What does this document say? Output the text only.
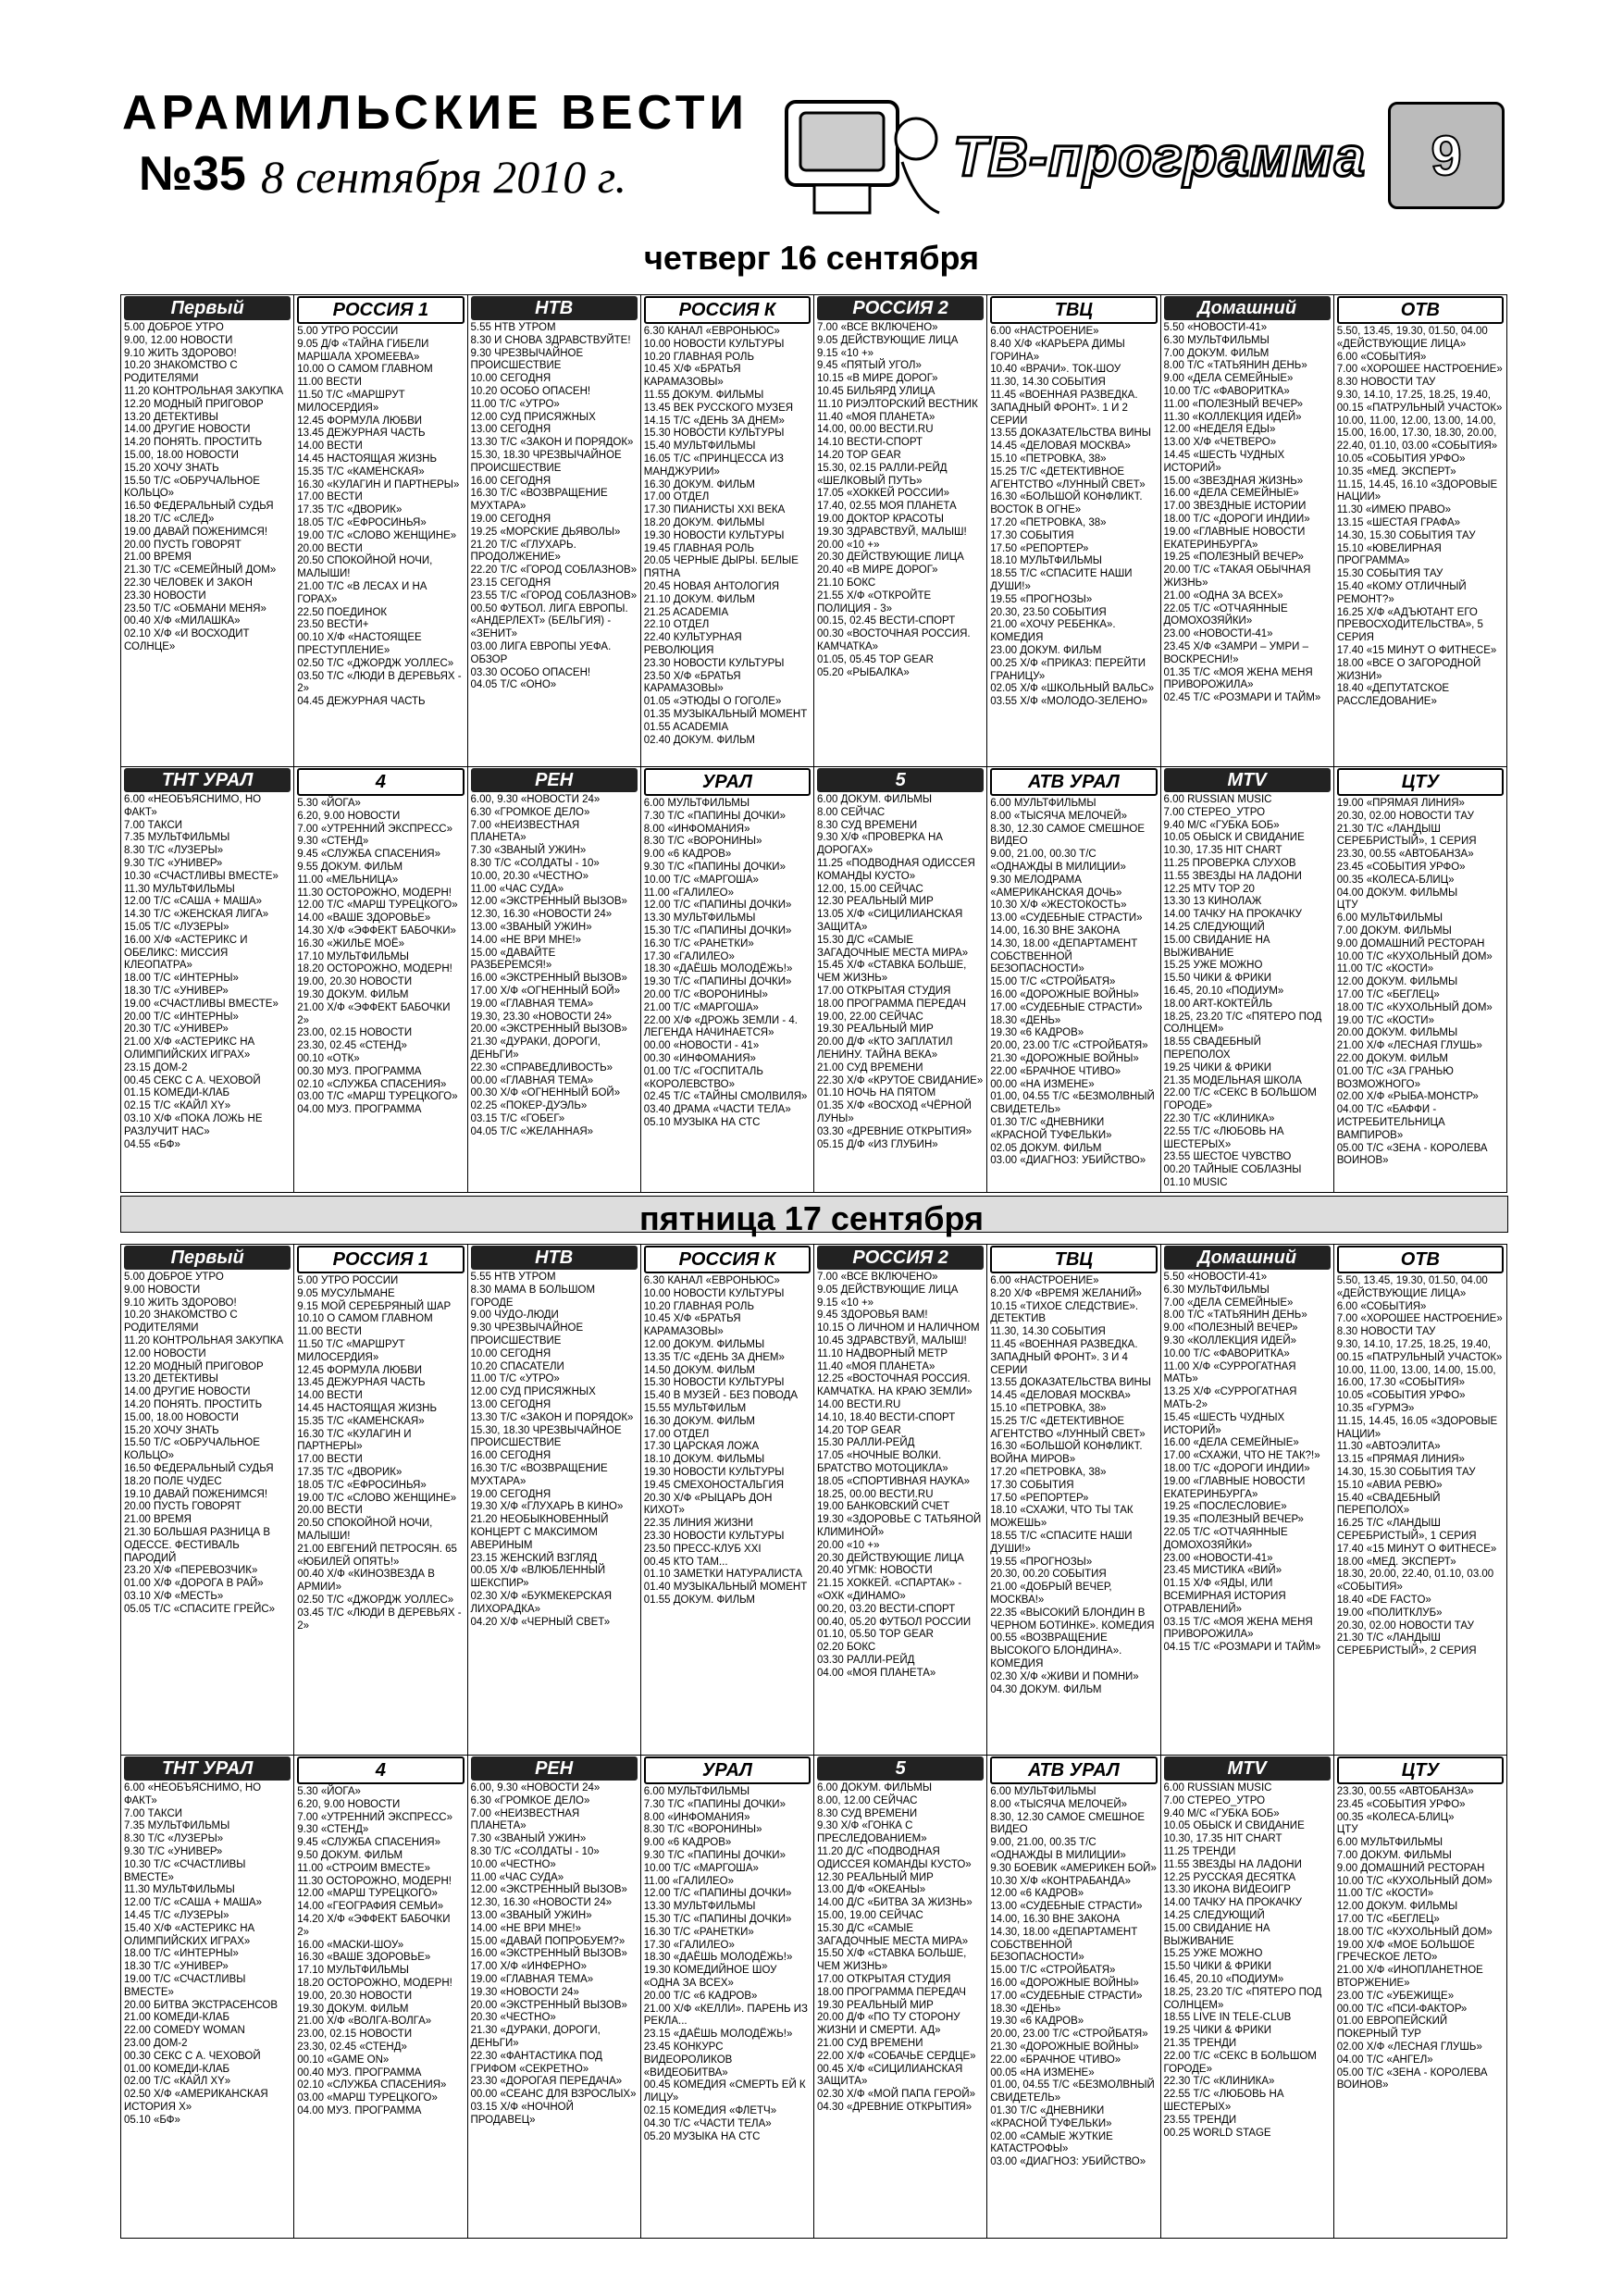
АРАМИЛЬСКИЕ ВЕСТИ
№35 8 сентября 2010 г.	ТВ-программа 9
четверг 16 сентября
Первый
5.00 ДОБРОЕ УТРО
9.00, 12.00 НОВОСТИ
9.10 ЖИТЬ ЗДОРОВО!
10.20 ЗНАКОМСТВО С РОДИТЕЛЯМИ
11.20 КОНТРОЛЬНАЯ ЗАКУПКА
12.20 МОДНЫЙ ПРИГОВОР
13.20 ДЕТЕКТИВЫ
14.00 ДРУГИЕ НОВОСТИ
14.20 ПОНЯТЬ. ПРОСТИТЬ
15.00, 18.00 НОВОСТИ
15.20 ХОЧУ ЗНАТЬ
15.50 Т/С «ОБРУЧАЛЬНОЕ КОЛЬЦО»
16.50 ФЕДЕРАЛЬНЫЙ СУДЬЯ
18.20 Т/С «СЛЕД»
19.00 ДАВАЙ ПОЖЕНИМСЯ!
20.00 ПУСТЬ ГОВОРЯТ
21.00 ВРЕМЯ
21.30 Т/С «СЕМЕЙНЫЙ ДОМ»
22.30 ЧЕЛОВЕК И ЗАКОН
23.30 НОВОСТИ
23.50 Т/С «ОБМАНИ МЕНЯ»
00.40 Х/Ф «МИЛАШКА»
02.10 Х/Ф «И ВОСХОДИТ СОЛНЦЕ»
РОССИЯ 1
5.00 УТРО РОССИИ
9.05 Д/Ф «ТАЙНА ГИБЕЛИ МАРШАЛА ХРОМЕЕВА»
10.00 О САМОМ ГЛАВНОМ
11.00 ВЕСТИ
11.50 Т/С «МАРШРУТ МИЛОСЕРДИЯ»
12.45 ФОРМУЛА ЛЮБВИ
13.45 ДЕЖУРНАЯ ЧАСТЬ
14.00 ВЕСТИ
14.45 НАСТОЯЩАЯ ЖИЗНЬ
15.35 Т/С «КАМЕНСКАЯ»
16.30 «КУЛАГИН И ПАРТНЕРЫ»
17.00 ВЕСТИ
17.35 Т/С «ДВОРИК»
18.05 Т/С «ЕФРОСИНЬЯ»
19.00 Т/С «СЛОВО ЖЕНЩИНЕ»
20.00 ВЕСТИ
20.50 СПОКОЙНОЙ НОЧИ, МАЛЫШИ!
21.00 Т/С «В ЛЕСАХ И НА ГОРАХ»
22.50 ПОЕДИНОК
23.50 ВЕСТИ+
00.10 Х/Ф «НАСТОЯЩЕЕ ПРЕСТУПЛЕНИЕ»
02.50 Т/С «ДЖОРДЖ УОЛЛЕС»
03.50 Т/С «ЛЮДИ В ДЕРЕВЬЯХ - 2»
04.45 ДЕЖУРНАЯ ЧАСТЬ
НТВ
5.55 НТВ УТРОМ
8.30 И СНОВА ЗДРАВСТВУЙТЕ!
9.30 ЧРЕЗВЫЧАЙНОЕ ПРОИСШЕСТВИЕ
10.00 СЕГОДНЯ
10.20 ОСОБО ОПАСЕН!
11.00 Т/С «УТРО»
12.00 СУД ПРИСЯЖНЫХ
13.00 СЕГОДНЯ
13.30 Т/С «ЗАКОН И ПОРЯДОК»
15.30, 18.30 ЧРЕЗВЫЧАЙНОЕ ПРОИСШЕСТВИЕ
16.00 СЕГОДНЯ
16.30 Т/С «ВОЗВРАЩЕНИЕ МУХТАРА»
19.00 СЕГОДНЯ
19.25 «МОРСКИЕ ДЬЯВОЛЫ»
21.20 Т/С «ГЛУХАРЬ. ПРОДОЛЖЕНИЕ»
22.20 Т/С «ГОРОД СОБЛАЗНОВ»
23.15 СЕГОДНЯ
23.55 Т/С «ГОРОД СОБЛАЗНОВ»
00.50 ФУТБОЛ. ЛИГА ЕВРОПЫ. «АНДЕРЛЕХТ» (БЕЛЬГИЯ) - «ЗЕНИТ»
03.00 ЛИГА ЕВРОПЫ УЕФА. ОБЗОР
03.30 ОСОБО ОПАСЕН!
04.05 Т/С «ОНО»
РОССИЯ К
6.30 КАНАЛ «ЕВРОНЬЮС»
10.00 НОВОСТИ КУЛЬТУРЫ
10.20 ГЛАВНАЯ РОЛЬ
10.45 Х/Ф «БРАТЬЯ КАРАМАЗОВЫ»
11.55 ДОКУМ. ФИЛЬМЫ
13.45 ВЕК РУССКОГО МУЗЕЯ
14.15 Т/С «ДЕНЬ ЗА ДНЕМ»
15.30 НОВОСТИ КУЛЬТУРЫ
15.40 МУЛЬТФИЛЬМЫ
16.05 Т/С «ПРИНЦЕССА ИЗ МАНДЖУРИИ»
16.30 ДОКУМ. ФИЛЬМ
17.00 ОТДЕЛ
17.30 ПИАНИСТЫ XXI ВЕКА
18.20 ДОКУМ. ФИЛЬМЫ
19.30 НОВОСТИ КУЛЬТУРЫ
19.45 ГЛАВНАЯ РОЛЬ
20.05 ЧЕРНЫЕ ДЫРЫ. БЕЛЫЕ ПЯТНА
20.45 НОВАЯ АНТОЛОГИЯ
21.10 ДОКУМ. ФИЛЬМ
21.25 ACADEMIA
22.10 ОТДЕЛ
22.40 КУЛЬТУРНАЯ РЕВОЛЮЦИЯ
23.30 НОВОСТИ КУЛЬТУРЫ
23.50 Х/Ф «БРАТЬЯ КАРАМАЗОВЫ»
01.05 «ЭТЮДЫ О ГОГОЛЕ»
01.35 МУЗЫКАЛЬНЫЙ МОМЕНТ
01.55 ACADEMIA
02.40 ДОКУМ. ФИЛЬМ
РОССИЯ 2
7.00 «ВСЕ ВКЛЮЧЕНО»
9.05 ДЕЙСТВУЮЩИЕ ЛИЦА
9.15 «10 +»
9.45 «ПЯТЫЙ УГОЛ»
10.15 «В МИРЕ ДОРОГ»
10.45 БИЛЬЯРД УЛИЦА
11.10 РИЭЛТОРСКИЙ ВЕСТНИК
11.40 «МОЯ ПЛАНЕТА»
14.00, 00.00 ВЕСТИ.RU
14.10 ВЕСТИ-СПОРТ
14.20 TOP GEAR
15.30, 02.15 РАЛЛИ-РЕЙД «ШЕЛКОВЫЙ ПУТЬ»
17.05 «ХОККЕЙ РОССИИ»
17.40, 02.55 МОЯ ПЛАНЕТА
19.00 ДОКТОР КРАСОТЫ
19.30 ЗДРАВСТВУЙ, МАЛЫШ!
20.00 «10 +»
20.30 ДЕЙСТВУЮЩИЕ ЛИЦА
20.40 «В МИРЕ ДОРОГ»
21.10 БОКС
21.55 Х/Ф «ОТКРОЙТЕ ПОЛИЦИЯ - 3»
00.15, 02.45 ВЕСТИ-СПОРТ
00.30 «ВОСТОЧНАЯ РОССИЯ. КАМЧАТКА»
01.05, 05.45 TOP GEAR
05.20 «РЫБАЛКА»
ТВЦ
6.00 «НАСТРОЕНИЕ»
8.40 Х/Ф «КАРЬЕРА ДИМЫ ГОРИНА»
10.40 «ВРАЧИ». ТОК-ШОУ
11.30, 14.30 СОБЫТИЯ
11.45 «ВОЕННАЯ РАЗВЕДКА. ЗАПАДНЫЙ ФРОНТ». 1 И 2 СЕРИИ
13.55 ДОКАЗАТЕЛЬСТВА ВИНЫ
14.45 «ДЕЛОВАЯ МОСКВА»
15.10 «ПЕТРОВКА, 38»
15.25 Т/С «ДЕТЕКТИВНОЕ АГЕНТСТВО «ЛУННЫЙ СВЕТ»
16.30 «БОЛЬШОЙ КОНФЛИКТ. ВОСТОК В ОГНЕ»
17.20 «ПЕТРОВКА, 38»
17.30 СОБЫТИЯ
17.50 «РЕПОРТЕР»
18.10 МУЛЬТФИЛЬМЫ
18.55 Т/С «СПАСИТЕ НАШИ ДУШИ!»
19.55 «ПРОГНОЗЫ»
20.30, 23.50 СОБЫТИЯ
21.00 «ХОЧУ РЕБЕНКА». КОМЕДИЯ
23.00 ДОКУМ. ФИЛЬМ
00.25 Х/Ф «ПРИКАЗ: ПЕРЕЙТИ ГРАНИЦУ»
02.05 Х/Ф «ШКОЛЬНЫЙ ВАЛЬС»
03.55 Х/Ф «МОЛОДО-ЗЕЛЕНО»
Домашний
5.50 «НОВОСТИ-41»
6.30 МУЛЬТФИЛЬМЫ
7.00 ДОКУМ. ФИЛЬМ
8.00 Т/С «ТАТЬЯНИН ДЕНЬ»
9.00 «ДЕЛА СЕМЕЙНЫЕ»
10.00 Т/С «ФАВОРИТКА»
11.00 «ПОЛЕЗНЫЙ ВЕЧЕР»
11.30 «КОЛЛЕКЦИЯ ИДЕЙ»
12.00 «НЕДЕЛЯ ЕДЫ»
13.00 Х/Ф «ЧЕТВЕРО»
14.45 «ШЕСТЬ ЧУДНЫХ ИСТОРИЙ»
15.00 «ЗВЕЗДНАЯ ЖИЗНЬ»
16.00 «ДЕЛА СЕМЕЙНЫЕ»
17.00 ЗВЕЗДНЫЕ ИСТОРИИ
18.00 Т/С «ДОРОГИ ИНДИИ»
19.00 «ГЛАВНЫЕ НОВОСТИ ЕКАТЕРИНБУРГА»
19.25 «ПОЛЕЗНЫЙ ВЕЧЕР»
20.00 Т/С «ТАКАЯ ОБЫЧНАЯ ЖИЗНЬ»
21.00 «ОДНА ЗА ВСЕХ»
22.05 Т/С «ОТЧАЯННЫЕ ДОМОХОЗЯЙКИ»
23.00 «НОВОСТИ-41»
23.45 Х/Ф «ЗАМРИ – УМРИ – ВОСКРЕСНИ!»
01.35 Т/С «МОЯ ЖЕНА МЕНЯ ПРИВОРОЖИЛА»
02.45 Т/С «РОЗМАРИ И ТАЙМ»
ОТВ
5.50, 13.45, 19.30, 01.50, 04.00 «ДЕЙСТВУЮЩИЕ ЛИЦА»
6.00 «СОБЫТИЯ»
7.00 «ХОРОШЕЕ НАСТРОЕНИЕ»
8.30 НОВОСТИ ТАУ
9.30, 14.10, 17.25, 18.25, 19.40, 00.15 «ПАТРУЛЬНЫЙ УЧАСТОК»
10.00, 11.00, 12.00, 13.00, 14.00, 15.00, 16.00, 17.30, 18.30, 20.00, 22.40, 01.10, 03.00 «СОБЫТИЯ»
10.05 «СОБЫТИЯ УРФО»
10.35 «МЕД. ЭКСПЕРТ»
11.15, 14.45, 16.10 «ЗДОРОВЫЕ НАЦИИ»
11.30 «ИМЕЮ ПРАВО»
13.15 «ШЕСТАЯ ГРАФА»
14.30, 15.30 СОБЫТИЯ ТАУ
15.10 «ЮВЕЛИРНАЯ ПРОГРАММА»
15.30 СОБЫТИЯ ТАУ
15.40 «КОМУ ОТЛИЧНЫЙ РЕМОНТ?»
16.25 Х/Ф «АДЪЮТАНТ ЕГО ПРЕВОСХОДИТЕЛЬСТВА», 5 СЕРИЯ
17.40 «15 МИНУТ О ФИТНЕСЕ»
18.00 «ВСЕ О ЗАГОРОДНОЙ ЖИЗНИ»
18.40 «ДЕПУТАТСКОЕ РАССЛЕДОВАНИЕ»
ТНТ УРАЛ
6.00 «НЕОБЪЯСНИМО, НО ФАКТ»
7.00 ТАКСИ
7.35 МУЛЬТФИЛЬМЫ
8.30 Т/С «ЛУЗЕРЫ»
9.30 Т/С «УНИВЕР»
10.30 «СЧАСТЛИВЫ ВМЕСТЕ»
11.30 МУЛЬТФИЛЬМЫ
12.00 Т/С «САША + МАША»
14.30 Т/С «ЖЕНСКАЯ ЛИГА»
15.05 Т/С «ЛУЗЕРЫ»
16.00 Х/Ф «АСТЕРИКС И ОБЕЛИКС: МИССИЯ КЛЕОПАТРА»
18.00 Т/С «ИНТЕРНЫ»
18.30 Т/С «УНИВЕР»
19.00 «СЧАСТЛИВЫ ВМЕСТЕ»
20.00 Т/С «ИНТЕРНЫ»
20.30 Т/С «УНИВЕР»
21.00 Х/Ф «АСТЕРИКС НА ОЛИМПИЙСКИХ ИГРАХ»
23.15 ДОМ-2
00.45 СЕКС С А. ЧЕХОВОЙ
01.15 КОМЕДИ-КЛАБ
02.15 Т/С «КАЙЛ XY»
03.10 Х/Ф «ПОКА ЛОЖЬ НЕ РАЗЛУЧИТ НАС»
04.55 «БФ»
4
5.30 «ЙОГА»
6.20, 9.00 НОВОСТИ
7.00 «УТРЕННИЙ ЭКСПРЕСС»
9.30 «СТЕНД»
9.45 «СЛУЖБА СПАСЕНИЯ»
9.55 ДОКУМ. ФИЛЬМ
11.00 «МЕЛЬНИЦА»
11.30 ОСТОРОЖНО, МОДЕРН!
12.00 Т/С «МАРШ ТУРЕЦКОГО»
14.00 «ВАШЕ ЗДОРОВЬЕ»
14.30 Х/Ф «ЭФФЕКТ БАБОЧКИ»
16.30 «ЖИЛЬЕ МОЁ»
17.10 МУЛЬТФИЛЬМЫ
18.20 ОСТОРОЖНО, МОДЕРН!
19.00, 20.30 НОВОСТИ
19.30 ДОКУМ. ФИЛЬМ
21.00 Х/Ф «ЭФФЕКТ БАБОЧКИ 2»
23.00, 02.15 НОВОСТИ
23.30, 02.45 «СТЕНД»
00.10 «ОТК»
00.30 МУЗ. ПРОГРАММА
02.10 «СЛУЖБА СПАСЕНИЯ»
03.00 Т/С «МАРШ ТУРЕЦКОГО»
04.00 МУЗ. ПРОГРАММА
РЕН
6.00, 9.30 «НОВОСТИ 24»
6.30 «ГРОМКОЕ ДЕЛО»
7.00 «НЕИЗВЕСТНАЯ ПЛАНЕТА»
7.30 «ЗВАНЫЙ УЖИН»
8.30 Т/С «СОЛДАТЫ - 10»
10.00, 20.30 «ЧЕСТНО»
11.00 «ЧАС СУДА»
12.00 «ЭКСТРЕННЫЙ ВЫЗОВ»
12.30, 16.30 «НОВОСТИ 24»
13.00 «ЗВАНЫЙ УЖИН»
14.00 «НЕ ВРИ МНЕ!»
15.00 «ДАВАЙТЕ РАЗБЕРЕМСЯ!»
16.00 «ЭКСТРЕННЫЙ ВЫЗОВ»
17.00 Х/Ф «ОГНЕННЫЙ БОЙ»
19.00 «ГЛАВНАЯ ТЕМА»
19.30, 23.30 «НОВОСТИ 24»
20.00 «ЭКСТРЕННЫЙ ВЫЗОВ»
21.30 «ДУРАКИ, ДОРОГИ, ДЕНЬГИ»
22.30 «СПРАВЕДЛИВОСТЬ»
00.00 «ГЛАВНАЯ ТЕМА»
00.30 Х/Ф «ОГНЕННЫЙ БОЙ»
02.25 «ПОКЕР-ДУЭЛЬ»
03.15 Т/С «ГОБЕГ»
04.05 Т/С «ЖЕЛАННАЯ»
УРАЛ
6.00 МУЛЬТФИЛЬМЫ
7.30 Т/С «ПАПИНЫ ДОЧКИ»
8.00 «ИНФОМАНИЯ»
8.30 Т/С «ВОРОНИНЫ»
9.00 «6 КАДРОВ»
9.30 Т/С «ПАПИНЫ ДОЧКИ»
10.00 Т/С «МАРГОША»
11.00 «ГАЛИЛЕО»
12.00 Т/С «ПАПИНЫ ДОЧКИ»
13.30 МУЛЬТФИЛЬМЫ
15.30 Т/С «ПАПИНЫ ДОЧКИ»
16.30 Т/С «РАНЕТКИ»
17.30 «ГАЛИЛЕО»
18.30 «ДАЁШЬ МОЛОДЁЖЬ!»
19.30 Т/С «ПАПИНЫ ДОЧКИ»
20.00 Т/С «ВОРОНИНЫ»
21.00 Т/С «МАРГОША»
22.00 Х/Ф «ДРОЖЬ ЗЕМЛИ - 4. ЛЕГЕНДА НАЧИНАЕТСЯ»
00.00 «НОВОСТИ - 41»
00.30 «ИНФОМАНИЯ»
01.00 Т/С «ГОСПИТАЛЬ «КОРОЛЕВСТВО»
02.45 Т/С «ТАЙНЫ СМОЛВИЛЯ»
03.40 ДРАМА «ЧАСТИ ТЕЛА»
05.10 МУЗЫКА НА СТС
5
6.00 ДОКУМ. ФИЛЬМЫ
8.00 СЕЙЧАС
8.30 СУД ВРЕМЕНИ
9.30 Х/Ф «ПРОВЕРКА НА ДОРОГАХ»
11.25 «ПОДВОДНАЯ ОДИССЕЯ КОМАНДЫ КУСТО»
12.00, 15.00 СЕЙЧАС
12.30 РЕАЛЬНЫЙ МИР
13.05 Х/Ф «СИЦИЛИАНСКАЯ ЗАЩИТА»
15.30 Д/С «САМЫЕ ЗАГАДОЧНЫЕ МЕСТА МИРА»
15.45 Х/Ф «СТАВКА БОЛЬШЕ, ЧЕМ ЖИЗНЬ»
17.00 ОТКРЫТАЯ СТУДИЯ
18.00 ПРОГРАММА ПЕРЕДАЧ
19.00, 22.00 СЕЙЧАС
19.30 РЕАЛЬНЫЙ МИР
20.00 Д/Ф «КТО ЗАПЛАТИЛ ЛЕНИНУ. ТАЙНА ВЕКА»
21.00 СУД ВРЕМЕНИ
22.30 Х/Ф «КРУТОЕ СВИДАНИЕ»
01.10 НОЧЬ НА ПЯТОМ
01.35 Х/Ф «ВОСХОД «ЧЁРНОЙ ЛУНЫ»
03.30 «ДРЕВНИЕ ОТКРЫТИЯ»
05.15 Д/Ф «ИЗ ГЛУБИН»
АТВ УРАЛ
6.00 МУЛЬТФИЛЬМЫ
8.00 «ТЫСЯЧА МЕЛОЧЕЙ»
8.30, 12.30 САМОЕ СМЕШНОЕ ВИДЕО
9.00, 21.00, 00.30 Т/С «ОДНАЖДЫ В МИЛИЦИИ»
9.30 МЕЛОДРАМА «АМЕРИКАНСКАЯ ДОЧЬ»
10.30 Х/Ф «ЖЕСТОКОСТЬ»
13.00 «СУДЕБНЫЕ СТРАСТИ»
14.00, 16.30 ВНЕ ЗАКОНА
14.30, 18.00 «ДЕПАРТАМЕНТ СОБСТВЕННОЙ БЕЗОПАСНОСТИ»
15.00 Т/С «СТРОЙБАТЯ»
16.00 «ДОРОЖНЫЕ ВОЙНЫ»
17.00 «СУДЕБНЫЕ СТРАСТИ»
18.30 «ДЕНЬ»
19.30 «6 КАДРОВ»
20.00, 23.00 Т/С «СТРОЙБАТЯ»
21.30 «ДОРОЖНЫЕ ВОЙНЫ»
22.00 «БРАЧНОЕ ЧТИВО»
00.00 «НА ИЗМЕНЕ»
01.00, 04.55 Т/С «БЕЗМОЛВНЫЙ СВИДЕТЕЛЬ»
01.30 Т/С «ДНЕВНИКИ «КРАСНОЙ ТУФЕЛЬКИ»
02.05 ДОКУМ. ФИЛЬМ
03.00 «ДИАГНОЗ: УБИЙСТВО»
MTV
6.00 RUSSIAN MUSIC
7.00 СТЕРЕО_УТРО
9.40 М/С «ГУБКА БОБ»
10.05 ОБЫСК И СВИДАНИЕ
10.30, 17.35 HIT CHART
11.25 ПРОВЕРКА СЛУХОВ
11.55 ЗВЕЗДЫ НА ЛАДОНИ
12.25 MTV TOP 20
13.30 13 КИНОЛАЖ
14.00 ТАЧКУ НА ПРОКАЧКУ
14.25 СЛЕДУЮЩИЙ
15.00 СВИДАНИЕ НА ВЫЖИВАНИЕ
15.25 УЖЕ МОЖНО
15.50 ЧИКИ & ФРИКИ
16.45, 20.10 «ПОДИУМ»
18.00 ART-КОКТЕЙЛЬ
18.25, 23.20 Т/С «ПЯТЕРО ПОД СОЛНЦЕМ»
18.55 СВАДЕБНЫЙ ПЕРЕПОЛОХ
19.25 ЧИКИ & ФРИКИ
21.35 МОДЕЛЬНАЯ ШКОЛА
22.00 Т/С «СЕКС В БОЛЬШОМ ГОРОДЕ»
22.30 Т/С «КЛИНИКА»
22.55 Т/С «ЛЮБОВЬ НА ШЕСТЕРЫХ»
23.55 ШЕСТОЕ ЧУВСТВО
00.20 ТАЙНЫЕ СОБЛАЗНЫ
01.10 MUSIC
ЦТУ
19.00 «ПРЯМАЯ ЛИНИЯ»
20.30, 02.00 НОВОСТИ ТАУ
21.30 Т/С «ЛАНДЫШ СЕРЕБРИСТЫЙ», 1 СЕРИЯ
23.30, 00.55 «АВТОБАНЗА»
23.45 «СОБЫТИЯ УРФО»
00.35 «КОЛЕСА-БЛИЦ»
04.00 ДОКУМ. ФИЛЬМЫ
ЦТУ
6.00 МУЛЬТФИЛЬМЫ
7.00 ДОКУМ. ФИЛЬМЫ
9.00 ДОМАШНИЙ РЕСТОРАН
10.00 Т/С «КУХОЛЬНЫЙ ДОМ»
11.00 Т/С «КОСТИ»
12.00 ДОКУМ. ФИЛЬМЫ
17.00 Т/С «БЕГЛЕЦ»
18.00 Т/С «КУХОЛЬНЫЙ ДОМ»
19.00 Т/С «КОСТИ»
20.00 ДОКУМ. ФИЛЬМЫ
21.00 Х/Ф «ЛЕСНАЯ ГЛУШЬ»
22.00 ДОКУМ. ФИЛЬМ
01.00 Т/С «ЗА ГРАНЬЮ ВОЗМОЖНОГО»
02.00 Х/Ф «РЫБА-МОНСТР»
04.00 Т/С «БАФФИ - ИСТРЕБИТЕЛЬНИЦА ВАМПИРОВ»
05.00 Т/С «ЗЕНА - КОРОЛЕВА ВОИНОВ»
пятница 17 сентября
Первый
5.00 ДОБРОЕ УТРО
9.00 НОВОСТИ
9.10 ЖИТЬ ЗДОРОВО!
10.20 ЗНАКОМСТВО С РОДИТЕЛЯМИ
11.20 КОНТРОЛЬНАЯ ЗАКУПКА
12.00 НОВОСТИ
12.20 МОДНЫЙ ПРИГОВОР
13.20 ДЕТЕКТИВЫ
14.00 ДРУГИЕ НОВОСТИ
14.20 ПОНЯТЬ. ПРОСТИТЬ
15.00, 18.00 НОВОСТИ
15.20 ХОЧУ ЗНАТЬ
15.50 Т/С «ОБРУЧАЛЬНОЕ КОЛЬЦО»
16.50 ФЕДЕРАЛЬНЫЙ СУДЬЯ
18.20 ПОЛЕ ЧУДЕС
19.10 ДАВАЙ ПОЖЕНИМСЯ!
20.00 ПУСТЬ ГОВОРЯТ
21.00 ВРЕМЯ
21.30 БОЛЬШАЯ РАЗНИЦА В ОДЕССЕ. ФЕСТИВАЛЬ ПАРОДИЙ
23.20 Х/Ф «ПЕРЕВОЗЧИК»
01.00 Х/Ф «ДОРОГА В РАЙ»
03.10 Х/Ф «МЕСТЬ»
05.05 Т/С «СПАСИТЕ ГРЕЙС»
РОССИЯ 1
5.00 УТРО РОССИИ
9.05 МУСУЛЬМАНЕ
9.15 МОЙ СЕРЕБРЯНЫЙ ШАР
10.10 О САМОМ ГЛАВНОМ
11.00 ВЕСТИ
11.50 Т/С «МАРШРУТ МИЛОСЕРДИЯ»
12.45 ФОРМУЛА ЛЮБВИ
13.45 ДЕЖУРНАЯ ЧАСТЬ
14.00 ВЕСТИ
14.45 НАСТОЯЩАЯ ЖИЗНЬ
15.35 Т/С «КАМЕНСКАЯ»
16.30 Т/С «КУЛАГИН И ПАРТНЕРЫ»
17.00 ВЕСТИ
17.35 Т/С «ДВОРИК»
18.05 Т/С «ЕФРОСИНЬЯ»
19.00 Т/С «СЛОВО ЖЕНЩИНЕ»
20.00 ВЕСТИ
20.50 СПОКОЙНОЙ НОЧИ, МАЛЫШИ!
21.00 ЕВГЕНИЙ ПЕТРОСЯН. 65 «ЮБИЛЕЙ ОПЯТЬ!»
00.40 Х/Ф «КИНОЗВЕЗДА В АРМИИ»
02.50 Т/С «ДЖОРДЖ УОЛЛЕС»
03.45 Т/С «ЛЮДИ В ДЕРЕВЬЯХ - 2»
НТВ
5.55 НТВ УТРОМ
8.30 МАМА В БОЛЬШОМ ГОРОДЕ
9.00 ЧУДО-ЛЮДИ
9.30 ЧРЕЗВЫЧАЙНОЕ ПРОИСШЕСТВИЕ
10.00 СЕГОДНЯ
10.20 СПАСАТЕЛИ
11.00 Т/С «УТРО»
12.00 СУД ПРИСЯЖНЫХ
13.00 СЕГОДНЯ
13.30 Т/С «ЗАКОН И ПОРЯДОК»
15.30, 18.30 ЧРЕЗВЫЧАЙНОЕ ПРОИСШЕСТВИЕ
16.00 СЕГОДНЯ
16.30 Т/С «ВОЗВРАЩЕНИЕ МУХТАРА»
19.00 СЕГОДНЯ
19.30 Х/Ф «ГЛУХАРЬ В КИНО»
21.20 НЕОБЫКНОВЕННЫЙ КОНЦЕРТ С МАКСИМОМ АВЕРИНЫМ
23.15 ЖЕНСКИЙ ВЗГЛЯД
00.05 Х/Ф «ВЛЮБЛЕННЫЙ ШЕКСПИР»
02.30 Х/Ф «БУКМЕКЕРСКАЯ ЛИХОРАДКА»
04.20 Х/Ф «ЧЕРНЫЙ СВЕТ»
РОССИЯ К
6.30 КАНАЛ «ЕВРОНЬЮС»
10.00 НОВОСТИ КУЛЬТУРЫ
10.20 ГЛАВНАЯ РОЛЬ
10.45 Х/Ф «БРАТЬЯ КАРАМАЗОВЫ»
12.00 ДОКУМ. ФИЛЬМЫ
13.35 Т/С «ДЕНЬ ЗА ДНЕМ»
14.50 ДОКУМ. ФИЛЬМ
15.30 НОВОСТИ КУЛЬТУРЫ
15.40 В МУЗЕЙ - БЕЗ ПОВОДА
15.55 МУЛЬТФИЛЬМ
16.30 ДОКУМ. ФИЛЬМ
17.00 ОТДЕЛ
17.30 ЦАРСКАЯ ЛОЖА
18.10 ДОКУМ. ФИЛЬМЫ
19.30 НОВОСТИ КУЛЬТУРЫ
19.45 СМЕХОНОСТАЛЬГИЯ
20.30 Х/Ф «РЫЦАРЬ ДОН КИХОТ»
22.35 ЛИНИЯ ЖИЗНИ
23.30 НОВОСТИ КУЛЬТУРЫ
23.50 ПРЕСС-КЛУБ XXI
00.45 КТО ТАМ...
01.10 ЗАМЕТКИ НАТУРАЛИСТА
01.40 МУЗЫКАЛЬНЫЙ МОМЕНТ
01.55 ДОКУМ. ФИЛЬМ
РОССИЯ 2
7.00 «ВСЕ ВКЛЮЧЕНО»
9.05 ДЕЙСТВУЮЩИЕ ЛИЦА
9.15 «10 +»
9.45 ЗДОРОВЬЯ ВАМ!
10.15 О ЛИЧНОМ И НАЛИЧНОМ
10.45 ЗДРАВСТВУЙ, МАЛЫШ!
11.10 НАДВОРНЫЙ МЕТР
11.40 «МОЯ ПЛАНЕТА»
12.25 «ВОСТОЧНАЯ РОССИЯ. КАМЧАТКА. НА КРАЮ ЗЕМЛИ»
14.00 ВЕСТИ.RU
14.10, 18.40 ВЕСТИ-СПОРТ
14.20 TOP GEAR
15.30 РАЛЛИ-РЕЙД
17.05 «НОЧНЫЕ ВОЛКИ. БРАТСТВО МОТОЦИКЛА»
18.05 «СПОРТИВНАЯ НАУКА»
18.25, 00.00 ВЕСТИ.RU
19.00 БАНКОВСКИЙ СЧЕТ
19.30 «ЗДОРОВЬЕ С ТАТЬЯНОЙ КЛИМИНОЙ»
20.00 «10 +»
20.30 ДЕЙСТВУЮЩИЕ ЛИЦА
20.40 УГМК: НОВОСТИ
21.15 ХОККЕЙ. «СПАРТАК» - «ОХК «ДИНАМО»
00.20, 03.20 ВЕСТИ-СПОРТ
00.40, 05.20 ФУТБОЛ РОССИИ
01.10, 05.50 TOP GEAR
02.20 БОКС
03.30 РАЛЛИ-РЕЙД
04.00 «МОЯ ПЛАНЕТА»
ТВЦ
6.00 «НАСТРОЕНИЕ»
8.20 Х/Ф «ВРЕМЯ ЖЕЛАНИЙ»
10.15 «ТИХОЕ СЛЕДСТВИЕ». ДЕТЕКТИВ
11.30, 14.30 СОБЫТИЯ
11.45 «ВОЕННАЯ РАЗВЕДКА. ЗАПАДНЫЙ ФРОНТ». 3 И 4 СЕРИИ
13.55 ДОКАЗАТЕЛЬСТВА ВИНЫ
14.45 «ДЕЛОВАЯ МОСКВА»
15.10 «ПЕТРОВКА, 38»
15.25 Т/С «ДЕТЕКТИВНОЕ АГЕНТСТВО «ЛУННЫЙ СВЕТ»
16.30 «БОЛЬШОЙ КОНФЛИКТ. ВОЙНА МИРОВ»
17.20 «ПЕТРОВКА, 38»
17.30 СОБЫТИЯ
17.50 «РЕПОРТЕР»
18.10 «СХАЖИ, ЧТО ТЫ ТАК МОЖЕШЬ»
18.55 Т/С «СПАСИТЕ НАШИ ДУШИ!»
19.55 «ПРОГНОЗЫ»
20.30, 00.20 СОБЫТИЯ
21.00 «ДОБРЫЙ ВЕЧЕР, МОСКВА!»
22.35 «ВЫСОКИЙ БЛОНДИН В ЧЕРНОМ БОТИНКЕ». КОМЕДИЯ
00.55 «ВОЗВРАЩЕНИЕ ВЫСОКОГО БЛОНДИНА». КОМЕДИЯ
02.30 Х/Ф «ЖИВИ И ПОМНИ»
04.30 ДОКУМ. ФИЛЬМ
Домашний
5.50 «НОВОСТИ-41»
6.30 МУЛЬТФИЛЬМЫ
7.00 «ДЕЛА СЕМЕЙНЫЕ»
8.00 Т/С «ТАТЬЯНИН ДЕНЬ»
9.00 «ПОЛЕЗНЫЙ ВЕЧЕР»
9.30 «КОЛЛЕКЦИЯ ИДЕЙ»
10.00 Т/С «ФАВОРИТКА»
11.00 Х/Ф «СУРРОГАТНАЯ МАТЬ»
13.25 Х/Ф «СУРРОГАТНАЯ МАТЬ-2»
15.45 «ШЕСТЬ ЧУДНЫХ ИСТОРИЙ»
16.00 «ДЕЛА СЕМЕЙНЫЕ»
17.00 «СХАЖИ, ЧТО НЕ ТАК?!»
18.00 Т/С «ДОРОГИ ИНДИИ»
19.00 «ГЛАВНЫЕ НОВОСТИ ЕКАТЕРИНБУРГА»
19.25 «ПОСЛЕСЛОВИЕ»
19.35 «ПОЛЕЗНЫЙ ВЕЧЕР»
22.05 Т/С «ОТЧАЯННЫЕ ДОМОХОЗЯЙКИ»
23.00 «НОВОСТИ-41»
23.45 МИСТИКА «ВИЙ»
01.15 Х/Ф «ЯДЫ, ИЛИ ВСЕМИРНАЯ ИСТОРИЯ ОТРАВЛЕНИЙ»
03.15 Т/С «МОЯ ЖЕНА МЕНЯ ПРИВОРОЖИЛА»
04.15 Т/С «РОЗМАРИ И ТАЙМ»
ОТВ
5.50, 13.45, 19.30, 01.50, 04.00 «ДЕЙСТВУЮЩИЕ ЛИЦА»
6.00 «СОБЫТИЯ»
7.00 «ХОРОШЕЕ НАСТРОЕНИЕ»
8.30 НОВОСТИ ТАУ
9.30, 14.10, 17.25, 18.25, 19.40, 00.15 «ПАТРУЛЬНЫЙ УЧАСТОК»
10.00, 11.00, 13.00, 14.00, 15.00, 16.00, 17.30 «СОБЫТИЯ»
10.05 «СОБЫТИЯ УРФО»
10.35 «ГУРМЭ»
11.15, 14.45, 16.05 «ЗДОРОВЫЕ НАЦИИ»
11.30 «АВТОЭЛИТА»
13.15 «ПРЯМАЯ ЛИНИЯ»
14.30, 15.30 СОБЫТИЯ ТАУ
15.10 «АВИА РЕВЮ»
15.40 «СВАДЕБНЫЙ ПЕРЕПОЛОХ»
16.25 Т/С «ЛАНДЫШ СЕРЕБРИСТЫЙ», 1 СЕРИЯ
17.40 «15 МИНУТ О ФИТНЕСЕ»
18.00 «МЕД. ЭКСПЕРТ»
18.30, 20.00, 22.40, 01.10, 03.00 «СОБЫТИЯ»
18.40 «DE FACTO»
19.00 «ПОЛИТКЛУБ»
20.30, 02.00 НОВОСТИ ТАУ
21.30 Т/С «ЛАНДЫШ СЕРЕБРИСТЫЙ», 2 СЕРИЯ
ТНТ УРАЛ
6.00 «НЕОБЪЯСНИМО, НО ФАКТ»
7.00 ТАКСИ
7.35 МУЛЬТФИЛЬМЫ
8.30 Т/С «ЛУЗЕРЫ»
9.30 Т/С «УНИВЕР»
10.30 Т/С «СЧАСТЛИВЫ ВМЕСТЕ»
11.30 МУЛЬТФИЛЬМЫ
12.00 Т/С «САША + МАША»
14.45 Т/С «ЛУЗЕРЫ»
15.40 Х/Ф «АСТЕРИКС НА ОЛИМПИЙСКИХ ИГРАХ»
18.00 Т/С «ИНТЕРНЫ»
18.30 Т/С «УНИВЕР»
19.00 Т/С «СЧАСТЛИВЫ ВМЕСТЕ»
20.00 БИТВА ЭКСТРАСЕНСОВ
21.00 КОМЕДИ-КЛАБ
22.00 COMEDY WOMAN
23.00 ДОМ-2
00.30 СЕКС С А. ЧЕХОВОЙ
01.00 КОМЕДИ-КЛАБ
02.00 Т/С «КАЙЛ XY»
02.50 Х/Ф «АМЕРИКАНСКАЯ ИСТОРИЯ X»
05.10 «БФ»
4
5.30 «ЙОГА»
6.20, 9.00 НОВОСТИ
7.00 «УТРЕННИЙ ЭКСПРЕСС»
9.30 «СТЕНД»
9.45 «СЛУЖБА СПАСЕНИЯ»
9.50 ДОКУМ. ФИЛЬМ
11.00 «СТРОИМ ВМЕСТЕ»
11.30 ОСТОРОЖНО, МОДЕРН!
12.00 «МАРШ ТУРЕЦКОГО»
14.00 «ГЕОГРАФИЯ СЕМЬИ»
14.20 Х/Ф «ЭФФЕКТ БАБОЧКИ 2»
16.00 «МАСКИ-ШОУ»
16.30 «ВАШЕ ЗДОРОВЬЕ»
17.10 МУЛЬТФИЛЬМЫ
18.20 ОСТОРОЖНО, МОДЕРН!
19.00, 20.30 НОВОСТИ
19.30 ДОКУМ. ФИЛЬМ
21.00 Х/Ф «ВОЛГА-ВОЛГА»
23.00, 02.15 НОВОСТИ
23.30, 02.45 «СТЕНД»
00.10 «GAME ON»
00.40 МУЗ. ПРОГРАММА
02.10 «СЛУЖБА СПАСЕНИЯ»
03.00 «МАРШ ТУРЕЦКОГО»
04.00 МУЗ. ПРОГРАММА
РЕН
6.00, 9.30 «НОВОСТИ 24»
6.30 «ГРОМКОЕ ДЕЛО»
7.00 «НЕИЗВЕСТНАЯ ПЛАНЕТА»
7.30 «ЗВАНЫЙ УЖИН»
8.30 Т/С «СОЛДАТЫ - 10»
10.00 «ЧЕСТНО»
11.00 «ЧАС СУДА»
12.00 «ЭКСТРЕННЫЙ ВЫЗОВ»
12.30, 16.30 «НОВОСТИ 24»
13.00 «ЗВАНЫЙ УЖИН»
14.00 «НЕ ВРИ МНЕ!»
15.00 «ДАВАЙ ПОПРОБУЕМ?»
16.00 «ЭКСТРЕННЫЙ ВЫЗОВ»
17.00 Х/Ф «ИНФЕРНО»
19.00 «ГЛАВНАЯ ТЕМА»
19.30 «НОВОСТИ 24»
20.00 «ЭКСТРЕННЫЙ ВЫЗОВ»
20.30 «ЧЕСТНО»
21.30 «ДУРАКИ, ДОРОГИ, ДЕНЬГИ»
22.30 «ФАНТАСТИКА ПОД ГРИФОМ «СЕКРЕТНО»
23.30 «ДОРОГАЯ ПЕРЕДАЧА»
00.00 «СЕАНС ДЛЯ ВЗРОСЛЫХ»
03.15 Х/Ф «НОЧНОЙ ПРОДАВЕЦ»
УРАЛ
6.00 МУЛЬТФИЛЬМЫ
7.30 Т/С «ПАПИНЫ ДОЧКИ»
8.00 «ИНФОМАНИЯ»
8.30 Т/С «ВОРОНИНЫ»
9.00 «6 КАДРОВ»
9.30 Т/С «ПАПИНЫ ДОЧКИ»
10.00 Т/С «МАРГОША»
11.00 «ГАЛИЛЕО»
12.00 Т/С «ПАПИНЫ ДОЧКИ»
13.30 МУЛЬТФИЛЬМЫ
15.30 Т/С «ПАПИНЫ ДОЧКИ»
16.30 Т/С «РАНЕТКИ»
17.30 «ГАЛИЛЕО»
18.30 «ДАЁШЬ МОЛОДЁЖЬ!»
19.30 КОМЕДИЙНОЕ ШОУ «ОДНА ЗА ВСЕХ»
20.00 Т/С «6 КАДРОВ»
21.00 Х/Ф «КЕЛЛИ». ПАРЕНЬ ИЗ РЕКЛА...
23.15 «ДАЁШЬ МОЛОДЁЖЬ!»
23.45 КОНКУРС ВИДЕОРОЛИКОВ «ВИДЕОБИТВА»
00.45 КОМЕДИЯ «СМЕРТЬ ЕЙ К ЛИЦУ»
02.15 КОМЕДИЯ «ФЛЕТЧ»
04.30 Т/С «ЧАСТИ ТЕЛА»
05.20 МУЗЫКА НА СТС
5
6.00 ДОКУМ. ФИЛЬМЫ
8.00, 12.00 СЕЙЧАС
8.30 СУД ВРЕМЕНИ
9.30 Х/Ф «ГОНКА С ПРЕСЛЕДОВАНИЕМ»
11.20 Д/С «ПОДВОДНАЯ ОДИССЕЯ КОМАНДЫ КУСТО»
12.30 РЕАЛЬНЫЙ МИР
13.00 Д/Ф «ОКЕАНЫ»
14.00 Д/С «БИТВА ЗА ЖИЗНЬ»
15.00, 19.00 СЕЙЧАС
15.30 Д/С «САМЫЕ ЗАГАДОЧНЫЕ МЕСТА МИРА»
15.50 Х/Ф «СТАВКА БОЛЬШЕ, ЧЕМ ЖИЗНЬ»
17.00 ОТКРЫТАЯ СТУДИЯ
18.00 ПРОГРАММА ПЕРЕДАЧ
19.30 РЕАЛЬНЫЙ МИР
20.00 Д/Ф «ПО ТУ СТОРОНУ ЖИЗНИ И СМЕРТИ. АД»
21.00 СУД ВРЕМЕНИ
22.00 Х/Ф «СОБАЧЬЕ СЕРДЦЕ»
00.45 Х/Ф «СИЦИЛИАНСКАЯ ЗАЩИТА»
02.30 Х/Ф «МОЙ ПАПА ГЕРОЙ»
04.30 «ДРЕВНИЕ ОТКРЫТИЯ»
АТВ УРАЛ
6.00 МУЛЬТФИЛЬМЫ
8.00 «ТЫСЯЧА МЕЛОЧЕЙ»
8.30, 12.30 САМОЕ СМЕШНОЕ ВИДЕО
9.00, 21.00, 00.35 Т/С «ОДНАЖДЫ В МИЛИЦИИ»
9.30 БОЕВИК «АМЕРИКЕН БОЙ»
10.30 Х/Ф «КОНТРАБАНДА»
12.00 «6 КАДРОВ»
13.00 «СУДЕБНЫЕ СТРАСТИ»
14.00, 16.30 ВНЕ ЗАКОНА
14.30, 18.00 «ДЕПАРТАМЕНТ СОБСТВЕННОЙ БЕЗОПАСНОСТИ»
15.00 Т/С «СТРОЙБАТЯ»
16.00 «ДОРОЖНЫЕ ВОЙНЫ»
17.00 «СУДЕБНЫЕ СТРАСТИ»
18.30 «ДЕНЬ»
19.30 «6 КАДРОВ»
20.00, 23.00 Т/С «СТРОЙБАТЯ»
21.30 «ДОРОЖНЫЕ ВОЙНЫ»
22.00 «БРАЧНОЕ ЧТИВО»
00.05 «НА ИЗМЕНЕ»
01.00, 04.55 Т/С «БЕЗМОЛВНЫЙ СВИДЕТЕЛЬ»
01.30 Т/С «ДНЕВНИКИ «КРАСНОЙ ТУФЕЛЬКИ»
02.00 «САМЫЕ ЖУТКИЕ КАТАСТРОФЫ»
03.00 «ДИАГНОЗ: УБИЙСТВО»
MTV
6.00 RUSSIAN MUSIC
7.00 СТЕРЕО_УТРО
9.40 М/С «ГУБКА БОБ»
10.05 ОБЫСК И СВИДАНИЕ
10.30, 17.35 HIT CHART
11.25 ТРЕНДИ
11.55 ЗВЕЗДЫ НА ЛАДОНИ
12.25 РУССКАЯ ДЕСЯТКА
13.30 ИКОНА ВИДЕОИГР
14.00 ТАЧКУ НА ПРОКАЧКУ
14.25 СЛЕДУЮЩИЙ
15.00 СВИДАНИЕ НА ВЫЖИВАНИЕ
15.25 УЖЕ МОЖНО
15.50 ЧИКИ & ФРИКИ
16.45, 20.10 «ПОДИУМ»
18.25, 23.20 Т/С «ПЯТЕРО ПОД СОЛНЦЕМ»
18.55 LIVE IN TELE-CLUB
19.25 ЧИКИ & ФРИКИ
21.35 ТРЕНДИ
22.00 Т/С «СЕКС В БОЛЬШОМ ГОРОДЕ»
22.30 Т/С «КЛИНИКА»
22.55 Т/С «ЛЮБОВЬ НА ШЕСТЕРЫХ»
23.55 ТРЕНДИ
00.25 WORLD STAGE
ЦТУ
23.30, 00.55 «АВТОБАНЗА»
23.45 «СОБЫТИЯ УРФО»
00.35 «КОЛЕСА-БЛИЦ»
ЦТУ
6.00 МУЛЬТФИЛЬМЫ
7.00 ДОКУМ. ФИЛЬМЫ
9.00 ДОМАШНИЙ РЕСТОРАН
10.00 Т/С «КУХОЛЬНЫЙ ДОМ»
11.00 Т/С «КОСТИ»
12.00 ДОКУМ. ФИЛЬМЫ
17.00 Т/С «БЕГЛЕЦ»
18.00 Т/С «КУХОЛЬНЫЙ ДОМ»
19.00 Х/Ф «МОЕ БОЛЬШОЕ ГРЕЧЕСКОЕ ЛЕТО»
21.00 Х/Ф «ИНОПЛАНЕТНОЕ ВТОРЖЕНИЕ»
23.00 Т/С «УБЕЖИЩЕ»
00.00 Т/С «ПСИ-ФАКТОР»
01.00 ЕВРОПЕЙСКИЙ ПОКЕРНЫЙ ТУР
02.00 Х/Ф «ЛЕСНАЯ ГЛУШЬ»
04.00 Т/С «АНГЕЛ»
05.00 Т/С «ЗЕНА - КОРОЛЕВА ВОИНОВ»
